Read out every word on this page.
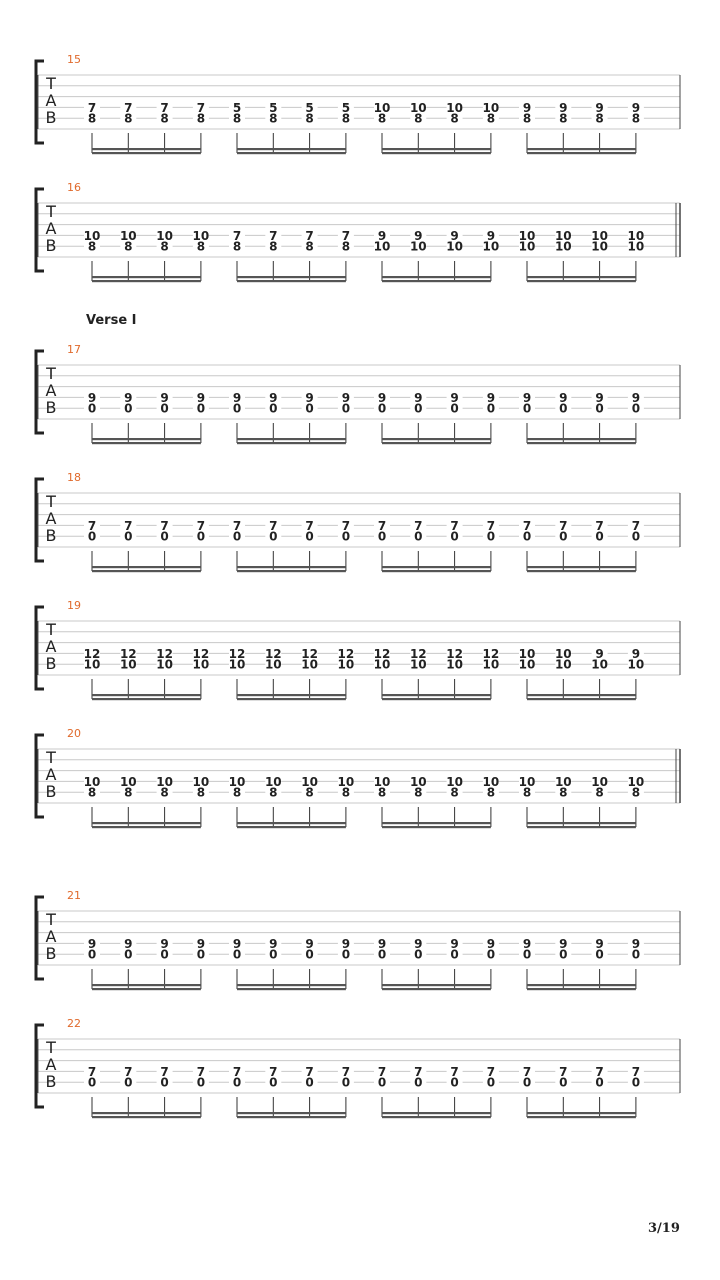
Verse I
15
T
A
B
7
8
7
8
7
8
7
8
5
8
5
8
5
8
5
8
10
8
10
8
10
8
10
8
9
8
9
8
9
8
9
8
16
T
A
B
10
8
10
8
10
8
10
8
7
8
7
8
7
8
7
8
9
10
9
10
9
10
9
10
10
10
10
10
10
10
10
10
17
T
A
B
9
0
9
0
9
0
9
0
9
0
9
0
9
0
9
0
9
0
9
0
9
0
9
0
9
0
9
0
9
0
9
0
18
T
A
B
7
0
7
0
7
0
7
0
7
0
7
0
7
0
7
0
7
0
7
0
7
0
7
0
7
0
7
0
7
0
7
0
19
T
A
B
12
10
12
10
12
10
12
10
12
10
12
10
12
10
12
10
12
10
12
10
12
10
12
10
10
10
10
10
9
10
9
10
20
T
A
B
10
8
10
8
10
8
10
8
10
8
10
8
10
8
10
8
10
8
10
8
10
8
10
8
10
8
10
8
10
8
10
8
21
T
A
B
9
0
9
0
9
0
9
0
9
0
9
0
9
0
9
0
9
0
9
0
9
0
9
0
9
0
9
0
9
0
9
0
22
T
A
B
7
0
7
0
7
0
7
0
7
0
7
0
7
0
7
0
7
0
7
0
7
0
7
0
7
0
7
0
7
0
7
0
3/19
